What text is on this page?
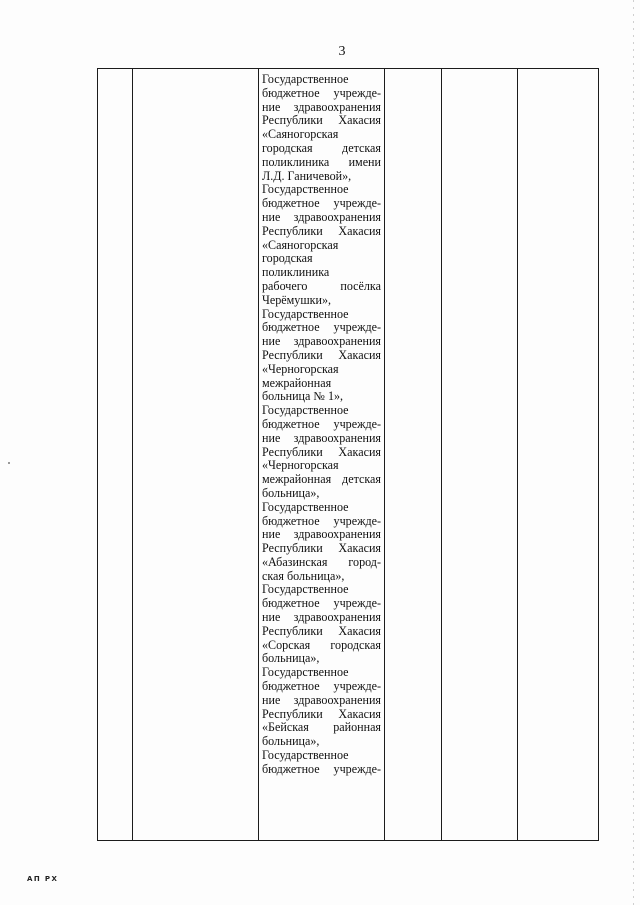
3

Государственное
бюджетное учрежде-
ние здравоохранения
Республики Хакасия
«Саяногорская
городская детская
поликлиника имени
Л.Д. Ганичевой»,
Государственное
бюджетное учрежде-
ние здравоохранения
Республики Хакасия
«Саяногорская
городская
поликлиника
рабочего	посёлка
Черёмушки»,
Государственное
бюджетное учрежде-
ние здравоохранения
Республики Хакасия
«Черногорская
межрайонная
больница № 1»,
Государственное
бюджетное учрежде-
ние здравоохранения
Республики Хакасия
«Черногорская
межрайонная детская
больница»,
Государственное
бюджетное учрежде-
ние здравоохранения
Республики Хакасия
«Абазинская город-
ская больница»,
Государственное
бюджетное учрежде-
ние здравоохранения
Республики Хакасия
«Сорская городская
больница»,
Государственное
бюджетное учрежде-
ние здравоохранения
Республики Хакасия
«Бейская районная
больница»,
Государственное
бюджетное учрежде-

АП РХ
